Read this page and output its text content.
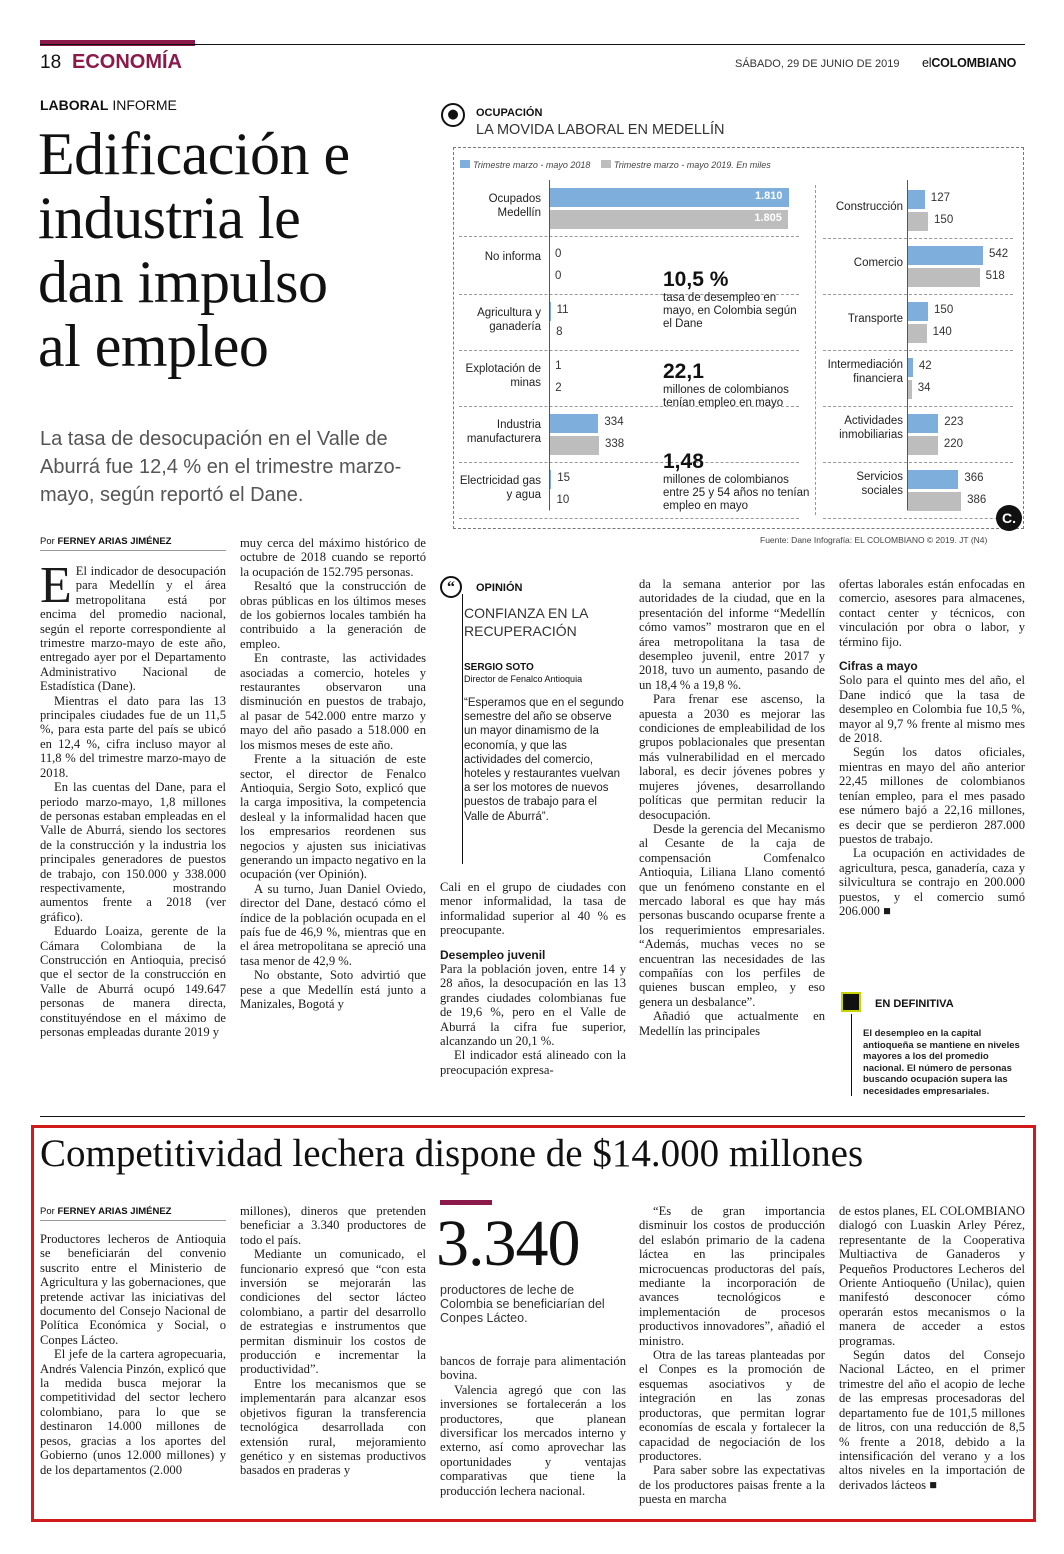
18 ECONOMÍA	SÁBADO, 29 DE JUNIO DE 2019 elCOLOMBIANO
LABORAL INFORME
Edificación e
industria le
dan impulso
al empleo
La tasa de desocupación en el Valle de Aburrá fue 12,4 % en el trimestre marzo-mayo, según reportó el Dane.
●	OCUPACIÓN
LA MOVIDA LABORAL EN MEDELLÍN
Trimestre marzo - mayo 2018	Trimestre marzo - mayo 2019. En miles
Ocupados Medellín
1.810
1.805
No informa 0
0
Agricultura y ganadería
11
8
Explotación de minas
1
2
Industria manufacturera
334
338
Electricidad gas y agua
15
10
Construcción
127
150
Comercio
542
518
Transporte
150
140
Intermediación financiera
42
34
Actividades inmobiliarias
223
220
Servicios sociales
366
386
10,5 %
tasa de desempleo en mayo, en Colombia según el Dane
22,1
millones de colombianos tenían empleo en mayo
1,48
millones de colombianos entre 25 y 54 años no tenían empleo en mayo
C.
Fuente: Dane Infografía: EL COLOMBIANO © 2019. JT (N4)
Por FERNEY ARIAS JIMÉNEZ

E El indicador de desocupación para Medellín y el área metropolitana está por encima del promedio nacional, según el reporte correspondiente al trimestre marzo-mayo de este año, entregado ayer por el Departamento Administrativo Nacional de Estadística (Dane).

Mientras el dato para las 13 principales ciudades fue de un 11,5 %, para esta parte del país se ubicó en 12,4 %, cifra incluso mayor al 11,8 % del trimestre marzo-mayo de 2018.

En las cuentas del Dane, para el periodo marzo-mayo, 1,8 millones de personas estaban empleadas en el Valle de Aburrá, siendo los sectores de la construcción y la industria los principales generadores de puestos de trabajo, con 150.000 y 338.000 respectivamente, mostrando aumentos frente a 2018 (ver gráfico).

Eduardo Loaiza, gerente de la Cámara Colombiana de la Construcción en Antioquia, precisó que el sector de la construcción en Valle de Aburrá ocupó 149.647 personas de manera directa, constituyéndose en el máximo de personas empleadas durante 2019 y

muy cerca del máximo histórico de octubre de 2018 cuando se reportó la ocupación de 152.795 personas.

Resaltó que la construcción de obras públicas en los últimos meses de los gobiernos locales también ha contribuido a la generación de empleo.

En contraste, las actividades asociadas a comercio, hoteles y restaurantes observaron una disminución en puestos de trabajo, al pasar de 542.000 entre marzo y mayo del año pasado a 518.000 en los mismos meses de este año.

Frente a la situación de este sector, el director de Fenalco Antioquia, Sergio Soto, explicó que la carga impositiva, la competencia desleal y la informalidad hacen que los empresarios reordenen sus negocios y ajusten sus iniciativas generando un impacto negativo en la ocupación (ver Opinión).

A su turno, Juan Daniel Oviedo, director del Dane, destacó cómo el índice de la población ocupada en el país fue de 46,9 %, mientras que en el área metropolitana se apreció una tasa menor de 42,9 %.

No obstante, Soto advirtió que pese a que Medellín está junto a Manizales, Bogotá y

“	OPINIÓN
CONFIANZA EN LA RECUPERACIÓN
SERGIO SOTO
Director de Fenalco Antioquia
“Esperamos que en el segundo semestre del año se observe un mayor dinamismo de la economía, y que las actividades del comercio, hoteles y restaurantes vuelvan a ser los motores de nuevos puestos de trabajo para el Valle de Aburrá”.

Cali en el grupo de ciudades con menor informalidad, la tasa de informalidad superior al 40 % es preocupante.

Desempleo juvenil

Para la población joven, entre 14 y 28 años, la desocupación en las 13 grandes ciudades colombianas fue de 19,6 %, pero en el Valle de Aburrá la cifra fue superior, alcanzando un 20,1 %.

El indicador está alineado con la preocupación expresa-

da la semana anterior por las autoridades de la ciudad, que en la presentación del informe “Medellín cómo vamos” mostraron que en el área metropolitana la tasa de desempleo juvenil, entre 2017 y 2018, tuvo un aumento, pasando de un 18,4 % a 19,8 %.

Para frenar ese ascenso, la apuesta a 2030 es mejorar las condiciones de empleabilidad de los grupos poblacionales que presentan más vulnerabilidad en el mercado laboral, es decir jóvenes pobres y mujeres jóvenes, desarrollando políticas que permitan reducir la desocupación.

Desde la gerencia del Mecanismo al Cesante de la caja de compensación Comfenalco Antioquia, Liliana Llano comentó que un fenómeno constante en el mercado laboral es que hay más personas buscando ocuparse frente a los requerimientos empresariales. “Además, muchas veces no se encuentran las necesidades de las compañías con los perfiles de quienes buscan empleo, y eso genera un desbalance”.

Añadió que actualmente en Medellín las principales

ofertas laborales están enfocadas en comercio, asesores para almacenes, contact center y técnicos, con vinculación por obra o labor, y término fijo.

Cifras a mayo

Solo para el quinto mes del año, el Dane indicó que la tasa de desempleo en Colombia fue 10,5 %, mayor al 9,7 % frente al mismo mes de 2018.

Según los datos oficiales, mientras en mayo del año anterior 22,45 millones de colombianos tenían empleo, para el mes pasado ese número bajó a 22,16 millones, es decir que se perdieron 287.000 puestos de trabajo.

La ocupación en actividades de agricultura, pesca, ganadería, caza y silvicultura se contrajo en 200.000 puestos, y el comercio sumó 206.000 ■

EN DEFINITIVA
El desempleo en la capital antioqueña se mantiene en niveles mayores a los del promedio nacional. El número de personas buscando ocupación supera las necesidades empresariales.
Competitividad lechera dispone de $14.000 millones
Por FERNEY ARIAS JIMÉNEZ

Productores lecheros de Antioquia se beneficiarán del convenio suscrito entre el Ministerio de Agricultura y las gobernaciones, que pretende activar las iniciativas del documento del Consejo Nacional de Política Económica y Social, o Conpes Lácteo.

El jefe de la cartera agropecuaria, Andrés Valencia Pinzón, explicó que la medida busca mejorar la competitividad del sector lechero colombiano, para lo que se destinaron 14.000 millones de pesos, gracias a los aportes del Gobierno (unos 12.000 millones) y de los departamentos (2.000

millones), dineros que pretenden beneficiar a 3.340 productores de todo el país.

Mediante un comunicado, el funcionario expresó que “con esta inversión se mejorarán las condiciones del sector lácteo colombiano, a partir del desarrollo de estrategias e instrumentos que permitan disminuir los costos de producción e incrementar la productividad”.

Entre los mecanismos que se implementarán para alcanzar esos objetivos figuran la transferencia tecnológica desarrollada con extensión rural, mejoramiento genético y en sistemas productivos basados en praderas y

3.340
productores de leche de Colombia se beneficiarían del Conpes Lácteo.

bancos de forraje para alimentación bovina.

Valencia agregó que con las inversiones se fortalecerán a los productores, que planean diversificar los mercados interno y externo, así como aprovechar las oportunidades y ventajas comparativas que tiene la producción lechera nacional.

“Es de gran importancia disminuir los costos de producción del eslabón primario de la cadena láctea en las principales microcuencas productoras del país, mediante la incorporación de avances tecnológicos e implementación de procesos productivos innovadores”, añadió el ministro.

Otra de las tareas planteadas por el Conpes es la promoción de esquemas asociativos y de integración en las zonas productoras, que permitan lograr economías de escala y fortalecer la capacidad de negociación de los productores.

Para saber sobre las expectativas de los productores paisas frente a la puesta en marcha

de estos planes, EL COLOMBIANO dialogó con Luaskin Arley Pérez, representante de la Cooperativa Multiactiva de Ganaderos y Pequeños Productores Lecheros del Oriente Antioqueño (Unilac), quien manifestó desconocer cómo operarán estos mecanismos o la manera de acceder a estos programas.

Según datos del Consejo Nacional Lácteo, en el primer trimestre del año el acopio de leche de las empresas procesadoras del departamento fue de 101,5 millones de litros, con una reducción de 8,5 % frente a 2018, debido a la intensificación del verano y a los altos niveles en la importación de derivados lácteos ■
